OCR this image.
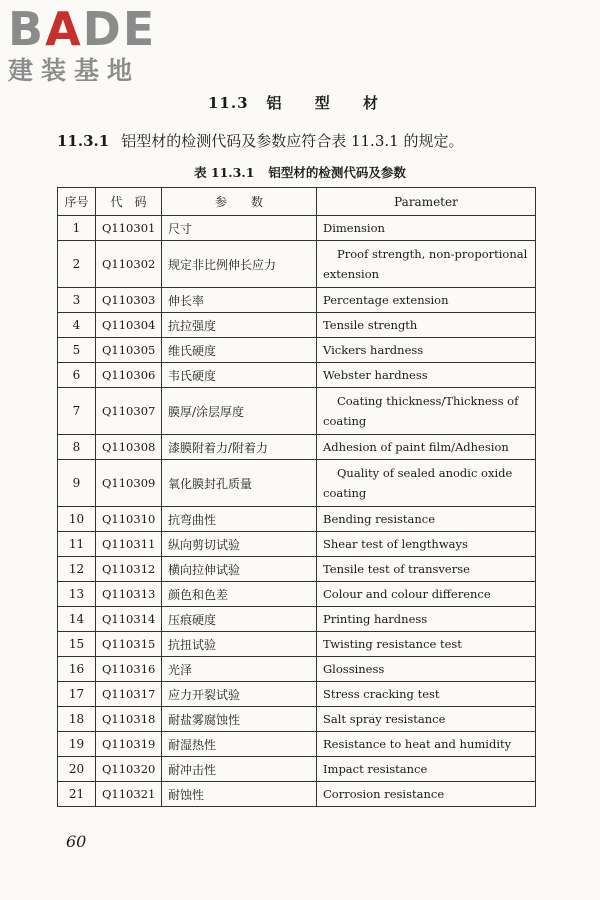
BADE
建装基地
11.3 铝 型 材
11.3.1 铝型材的检测代码及参数应符合表 11.3.1 的规定。
表 11.3.1 铝型材的检测代码及参数
序号	代　码	参　　数	Parameter
1	Q110301	尺寸	Dimension
2	Q110302	规定非比例伸长应力	Proof strength, non-proportional extension
3	Q110303	伸长率	Percentage extension
4	Q110304	抗拉强度	Tensile strength
5	Q110305	维氏硬度	Vickers hardness
6	Q110306	韦氏硬度	Webster hardness
7	Q110307	膜厚/涂层厚度	Coating thickness/Thickness of coating
8	Q110308	漆膜附着力/附着力	Adhesion of paint film/Adhesion
9	Q110309	氧化膜封孔质量	Quality of sealed anodic oxide coating
10	Q110310	抗弯曲性	Bending resistance
11	Q110311	纵向剪切试验	Shear test of lengthways
12	Q110312	横向拉伸试验	Tensile test of transverse
13	Q110313	颜色和色差	Colour and colour difference
14	Q110314	压痕硬度	Printing hardness
15	Q110315	抗扭试验	Twisting resistance test
16	Q110316	光泽	Glossiness
17	Q110317	应力开裂试验	Stress cracking test
18	Q110318	耐盐雾腐蚀性	Salt spray resistance
19	Q110319	耐湿热性	Resistance to heat and humidity
20	Q110320	耐冲击性	Impact resistance
21	Q110321	耐蚀性	Corrosion resistance
60
